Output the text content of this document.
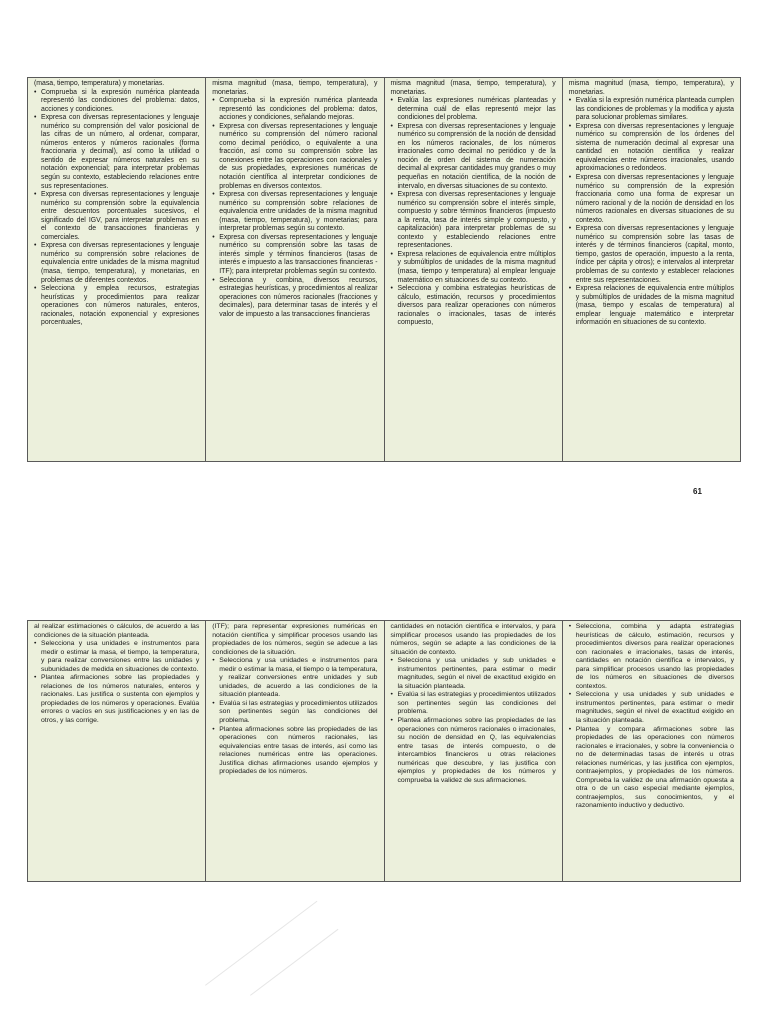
(masa, tiempo, temperatura) y monetarias.

• Comprueba si la expresión numérica planteada representó las condiciones del problema: datos, acciones y condiciones.
• Expresa con diversas representaciones y lenguaje numérico su comprensión del valor posicional de las cifras de un número, al ordenar, comparar, números enteros y números racionales (forma fraccionaria y decimal), así como la utilidad o sentido de expresar números naturales en su notación exponencial; para interpretar problemas según su contexto, estableciendo relaciones entre sus representaciones.
• Expresa con diversas representaciones y lenguaje numérico su comprensión sobre la equivalencia entre descuentos porcentuales sucesivos, el significado del IGV, para interpretar problemas en el contexto de transacciones financieras y comerciales.
• Expresa con diversas representaciones y lenguaje numérico su comprensión sobre relaciones de equivalencia entre unidades de la misma magnitud (masa, tiempo, temperatura), y monetarias, en problemas de diferentes contextos.
• Selecciona y emplea recursos, estrategias heurísticas y procedimientos para realizar operaciones con números naturales, enteros, racionales, notación exponencial y expresiones porcentuales,

misma magnitud (masa, tiempo, temperatura), y monetarias.

• Comprueba si la expresión numérica planteada representó las condiciones del problema: datos, acciones y condiciones, señalando mejoras.
• Expresa con diversas representaciones y lenguaje numérico su comprensión del número racional como decimal periódico, o equivalente a una fracción, así como su comprensión sobre las conexiones entre las operaciones con racionales y de sus propiedades, expresiones numéricas de notación científica al interpretar condiciones de problemas en diversos contextos.
• Expresa con diversas representaciones y lenguaje numérico su comprensión sobre relaciones de equivalencia entre unidades de la misma magnitud (masa, tiempo, temperatura), y monetarias; para interpretar problemas según su contexto.
• Expresa con diversas representaciones y lenguaje numérico su comprensión sobre las tasas de interés simple y términos financieros (tasas de interés e impuesto a las transacciones financieras - ITF); para interpretar problemas según su contexto.
• Selecciona y combina, diversos recursos, estrategias heurísticas, y procedimientos al realizar operaciones con números racionales (fracciones y decimales), para determinar tasas de interés y el valor de impuesto a las transacciones financieras

misma magnitud (masa, tiempo, temperatura), y monetarias.

• Evalúa las expresiones numéricas planteadas y determina cuál de ellas representó mejor las condiciones del problema.
• Expresa con diversas representaciones y lenguaje numérico su comprensión de la noción de densidad en los números racionales, de los números irracionales como decimal no periódico y de la noción de orden del sistema de numeración decimal al expresar cantidades muy grandes o muy pequeñas en notación científica, de la noción de intervalo, en diversas situaciones de su contexto.
• Expresa con diversas representaciones y lenguaje numérico su comprensión sobre el interés simple, compuesto y sobre términos financieros (impuesto a la renta, tasa de interés simple y compuesto, y capitalización) para interpretar problemas de su contexto y estableciendo relaciones entre representaciones.
• Expresa relaciones de equivalencia entre múltiplos y submúltiplos de unidades de la misma magnitud (masa, tiempo y temperatura) al emplear lenguaje matemático en situaciones de su contexto.
• Selecciona y combina estrategias heurísticas de cálculo, estimación, recursos y procedimientos diversos para realizar operaciones con números racionales o irracionales, tasas de interés compuesto,

misma magnitud (masa, tiempo, temperatura), y monetarias.

• Evalúa si la expresión numérica planteada cumplen las condiciones de problemas y la modifica y ajusta para solucionar problemas similares.
• Expresa con diversas representaciones y lenguaje numérico su comprensión de los órdenes del sistema de numeración decimal al expresar una cantidad en notación científica y realizar equivalencias entre números irracionales, usando aproximaciones o redondeos.
• Expresa con diversas representaciones y lenguaje numérico su comprensión de la expresión fraccionaria como una forma de expresar un número racional y de la noción de densidad en los números racionales en diversas situaciones de su contexto.
• Expresa con diversas representaciones y lenguaje numérico su comprensión sobre las tasas de interés y de términos financieros (capital, monto, tiempo, gastos de operación, impuesto a la renta, índice per cápita y otros); e intervalos al interpretar problemas de su contexto y establecer relaciones entre sus representaciones.
• Expresa relaciones de equivalencia entre múltiplos y submúltiplos de unidades de la misma magnitud (masa, tiempo y escalas de temperatura) al emplear lenguaje matemático e interpretar información en situaciones de su contexto.
61

al realizar estimaciones o cálculos, de acuerdo a las condiciones de la situación planteada.

• Selecciona y usa unidades e instrumentos para medir o estimar la masa, el tiempo, la temperatura, y para realizar conversiones entre las unidades y subunidades de medida en situaciones de contexto.
• Plantea afirmaciones sobre las propiedades y relaciones de los números naturales, enteros y racionales. Las justifica o sustenta con ejemplos y propiedades de los números y operaciones. Evalúa errores o vacíos en sus justificaciones y en las de otros, y las corrige.

(ITF); para representar expresiones numéricas en notación científica y simplificar procesos usando las propiedades de los números, según se adecue a las condiciones de la situación.

• Selecciona y usa unidades e instrumentos para medir o estimar la masa, el tiempo o la temperatura, y realizar conversiones entre unidades y sub unidades, de acuerdo a las condiciones de la situación planteada.
• Evalúa si las estrategias y procedimientos utilizados son pertinentes según las condiciones del problema.
• Plantea afirmaciones sobre las propiedades de las operaciones con números racionales, las equivalencias entre tasas de interés, así como las relaciones numéricas entre las operaciones. Justifica dichas afirmaciones usando ejemplos y propiedades de los números.

cantidades en notación científica e intervalos, y para simplificar procesos usando las propiedades de los números, según se adapte a las condiciones de la situación de contexto.

• Selecciona y usa unidades y sub unidades e instrumentos pertinentes, para estimar o medir magnitudes, según el nivel de exactitud exigido en la situación planteada.
• Evalúa si las estrategias y procedimientos utilizados son pertinentes según las condiciones del problema.
• Plantea afirmaciones sobre las propiedades de las operaciones con números racionales o irracionales, su noción de densidad en Q, las equivalencias entre tasas de interés compuesto, o de intercambios financieros u otras relaciones numéricas que descubre, y las justifica con ejemplos y propiedades de los números y comprueba la validez de sus afirmaciones.

• Selecciona, combina y adapta estrategias heurísticas de cálculo, estimación, recursos y procedimientos diversos para realizar operaciones con racionales e irracionales, tasas de interés, cantidades en notación científica e intervalos, y para simplificar procesos usando las propiedades de los números en situaciones de diversos contextos.
• Selecciona y usa unidades y sub unidades e instrumentos pertinentes, para estimar o medir magnitudes, según el nivel de exactitud exigido en la situación planteada.
• Plantea y compara afirmaciones sobre las propiedades de las operaciones con números racionales e irracionales, y sobre la conveniencia o no de determinadas tasas de interés u otras relaciones numéricas, y las justifica con ejemplos, contraejemplos, y propiedades de los números. Comprueba la validez de una afirmación opuesta a otra o de un caso especial mediante ejemplos, contraejemplos, sus conocimientos, y el razonamiento inductivo y deductivo.
